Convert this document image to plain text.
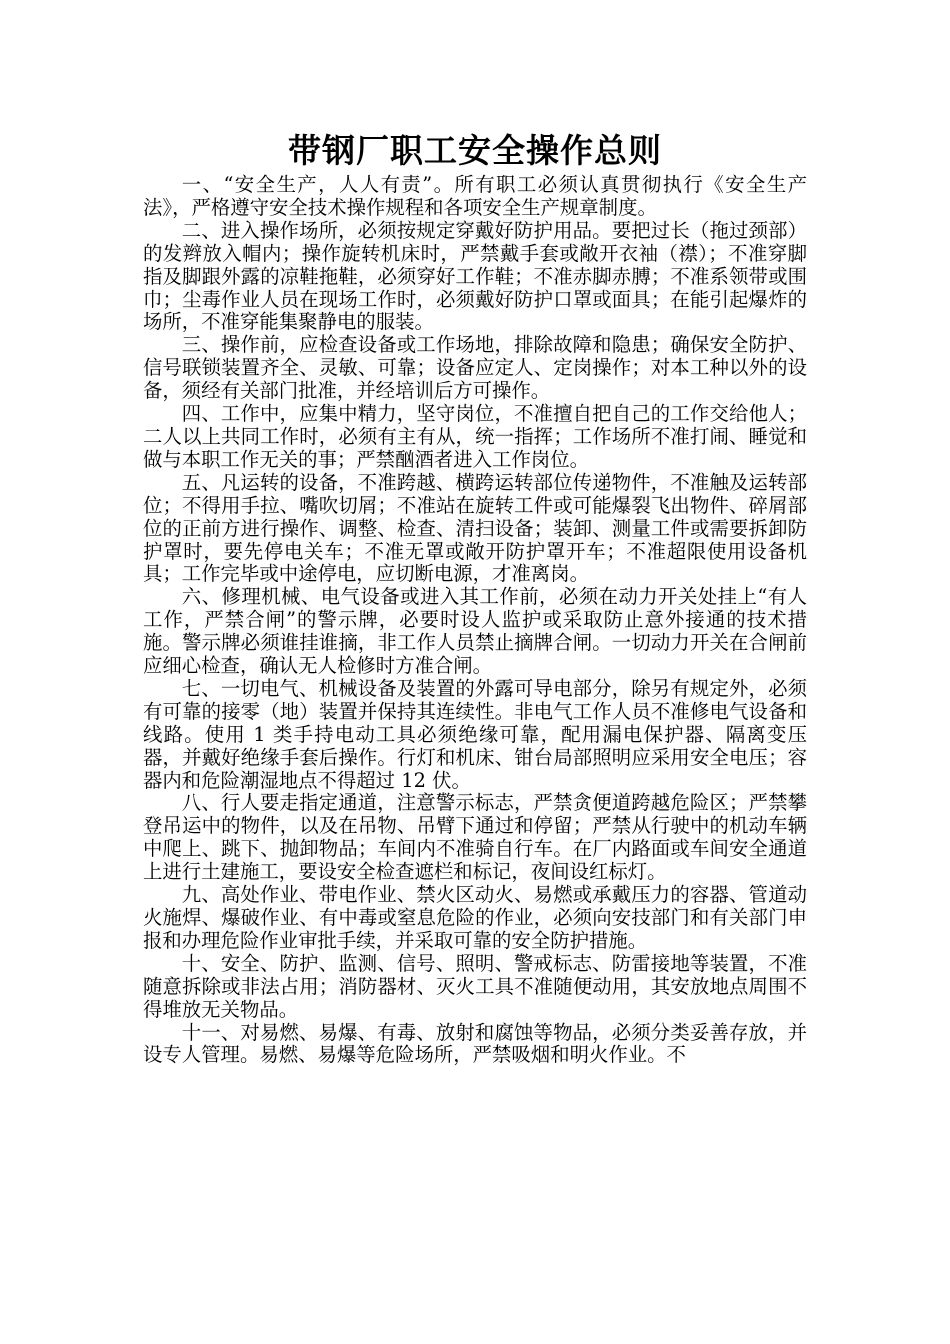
带钢厂职工安全操作总则

一、“安全生产，人人有责”。所有职工必须认真贯彻执行《安全生产法》，严格遵守安全技术操作规程和各项安全生产规章制度。

二、进入操作场所，必须按规定穿戴好防护用品。要把过长（拖过颈部）的发辫放入帽内；操作旋转机床时，严禁戴手套或敞开衣袖（襟）；不准穿脚指及脚跟外露的凉鞋拖鞋，必须穿好工作鞋；不准赤脚赤膊；不准系领带或围巾；尘毒作业人员在现场工作时，必须戴好防护口罩或面具；在能引起爆炸的场所，不准穿能集聚静电的服装。

三、操作前，应检查设备或工作场地，排除故障和隐患；确保安全防护、信号联锁装置齐全、灵敏、可靠；设备应定人、定岗操作；对本工种以外的设备，须经有关部门批准，并经培训后方可操作。

四、工作中，应集中精力，坚守岗位，不准擅自把自己的工作交给他人；二人以上共同工作时，必须有主有从，统一指挥；工作场所不准打闹、睡觉和做与本职工作无关的事；严禁酗酒者进入工作岗位。

五、凡运转的设备，不准跨越、横跨运转部位传递物件，不准触及运转部位；不得用手拉、嘴吹切屑；不准站在旋转工件或可能爆裂飞出物件、碎屑部位的正前方进行操作、调整、检查、清扫设备；装卸、测量工件或需要拆卸防护罩时，要先停电关车；不准无罩或敞开防护罩开车；不准超限使用设备机具；工作完毕或中途停电，应切断电源，才准离岗。

六、修理机械、电气设备或进入其工作前，必须在动力开关处挂上“有人工作，严禁合闸”的警示牌，必要时设人监护或采取防止意外接通的技术措施。警示牌必须谁挂谁摘，非工作人员禁止摘牌合闸。一切动力开关在合闸前应细心检查，确认无人检修时方准合闸。

七、一切电气、机械设备及装置的外露可导电部分，除另有规定外，必须有可靠的接零（地）装置并保持其连续性。非电气工作人员不准修电气设备和线路。使用 1 类手持电动工具必须绝缘可靠，配用漏电保护器、隔离变压器，并戴好绝缘手套后操作。行灯和机床、钳台局部照明应采用安全电压；容器内和危险潮湿地点不得超过 12 伏。

八、行人要走指定通道，注意警示标志，严禁贪便道跨越危险区；严禁攀登吊运中的物件，以及在吊物、吊臂下通过和停留；严禁从行驶中的机动车辆中爬上、跳下、抛卸物品；车间内不准骑自行车。在厂内路面或车间安全通道上进行土建施工，要设安全检查遮栏和标记，夜间设红标灯。

九、高处作业、带电作业、禁火区动火、易燃或承戴压力的容器、管道动火施焊、爆破作业、有中毒或窒息危险的作业，必须向安技部门和有关部门申报和办理危险作业审批手续，并采取可靠的安全防护措施。

十、安全、防护、监测、信号、照明、警戒标志、防雷接地等装置，不准随意拆除或非法占用；消防器材、灭火工具不准随便动用，其安放地点周围不得堆放无关物品。

十一、对易燃、易爆、有毒、放射和腐蚀等物品，必须分类妥善存放，并设专人管理。易燃、易爆等危险场所，严禁吸烟和明火作业。不
